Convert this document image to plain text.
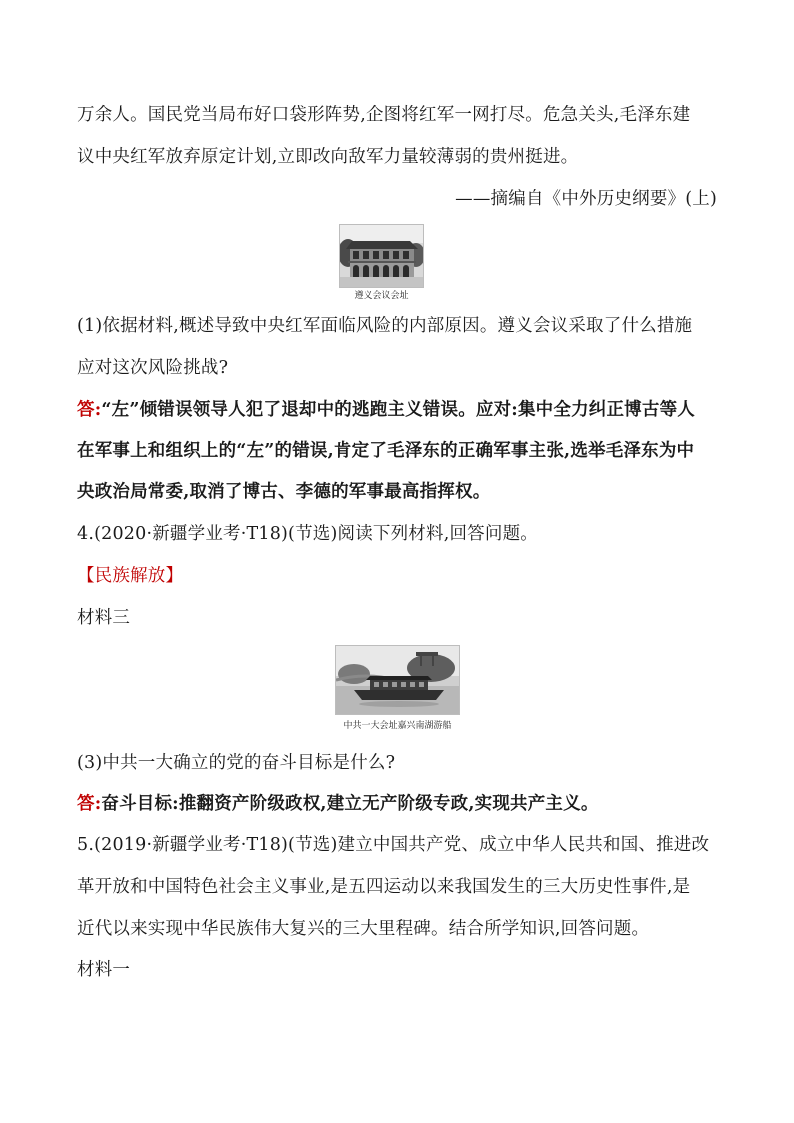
万余人。国民党当局布好口袋形阵势,企图将红军一网打尽。危急关头,毛泽东建
议中央红军放弃原定计划,立即改向敌军力量较薄弱的贵州挺进。
——摘编自《中外历史纲要》(上)
遵义会议会址
(1)依据材料,概述导致中央红军面临风险的内部原因。遵义会议采取了什么措施
应对这次风险挑战?
答:“左”倾错误领导人犯了退却中的逃跑主义错误。应对:集中全力纠正博古等人
在军事上和组织上的“左”的错误,肯定了毛泽东的正确军事主张,选举毛泽东为中
央政治局常委,取消了博古、李德的军事最高指挥权。
4.(2020·新疆学业考·T18)(节选)阅读下列材料,回答问题。
【民族解放】
材料三
中共一大会址嘉兴南湖游船
(3)中共一大确立的党的奋斗目标是什么?
答:奋斗目标:推翻资产阶级政权,建立无产阶级专政,实现共产主义。
5.(2019·新疆学业考·T18)(节选)建立中国共产党、成立中华人民共和国、推进改
革开放和中国特色社会主义事业,是五四运动以来我国发生的三大历史性事件,是
近代以来实现中华民族伟大复兴的三大里程碑。结合所学知识,回答问题。
材料一
